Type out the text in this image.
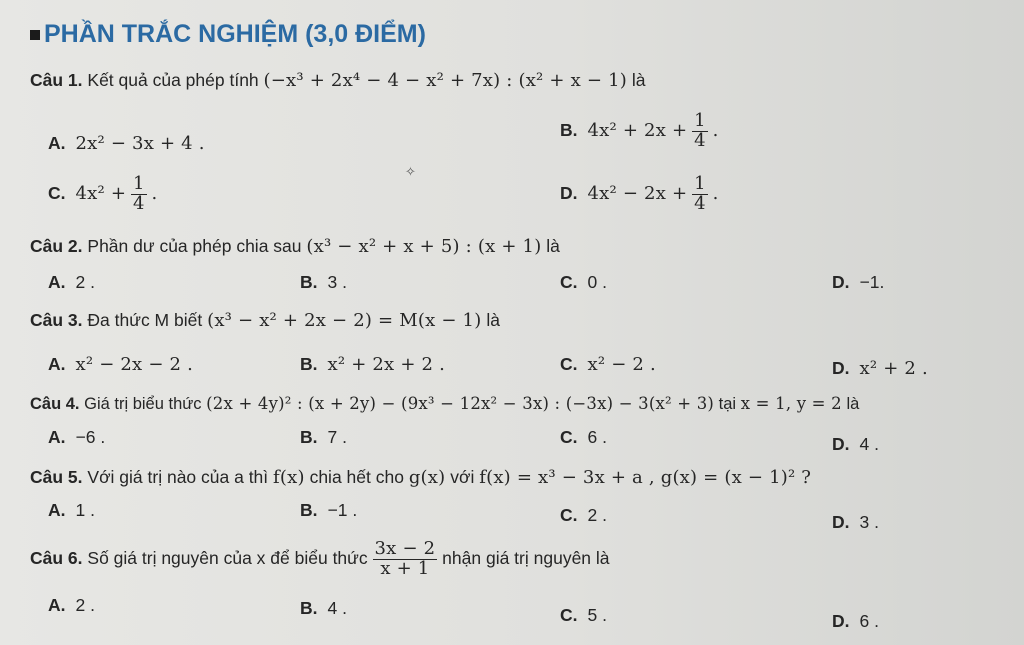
PHẦN TRẮC NGHIỆM (3,0 ĐIỂM)
Câu 1. Kết quả của phép tính (−x³ + 2x⁴ − 4 − x² + 7x) : (x² + x − 1) là
A. 2x² − 3x + 4 .
B. $4x^2 + 2x + \frac{1}{4}$ .
✧
C. $4x^2 + \frac{1}{4}$ .	D. $4x^2 - 2x + \frac{1}{4}$ .
Câu 2. Phần dư của phép chia sau (x³ − x² + x + 5) : (x + 1) là
A. 2 .	B. 3 .	C. 0 .	D. −1.
Câu 3. Đa thức M biết (x³ − x² + 2x − 2) = M(x − 1) là
A. x² − 2x − 2 .	B. x² + 2x + 2 .	C. x² − 2 .	D. x² + 2 .
Câu 4. Giá trị biểu thức (2x + 4y)² : (x + 2y) − (9x³ − 12x² − 3x) : (−3x) − 3(x² + 3) tại x = 1, y = 2 là
A. −6 .	B. 7 .	C. 6 .	D. 4 .
Câu 5. Với giá trị nào của a thì f(x) chia hết cho g(x) với f(x) = x³ − 3x + a , g(x) = (x − 1)² ?
A. 1 .	B. −1 .	C. 2 .	D. 3 .
Câu 6. Số giá trị nguyên của x để biểu thức $\frac{3x - 2}{x + 1}$ nhận giá trị nguyên là
A. 2 .	B. 4 .	C. 5 .	D. 6 .
